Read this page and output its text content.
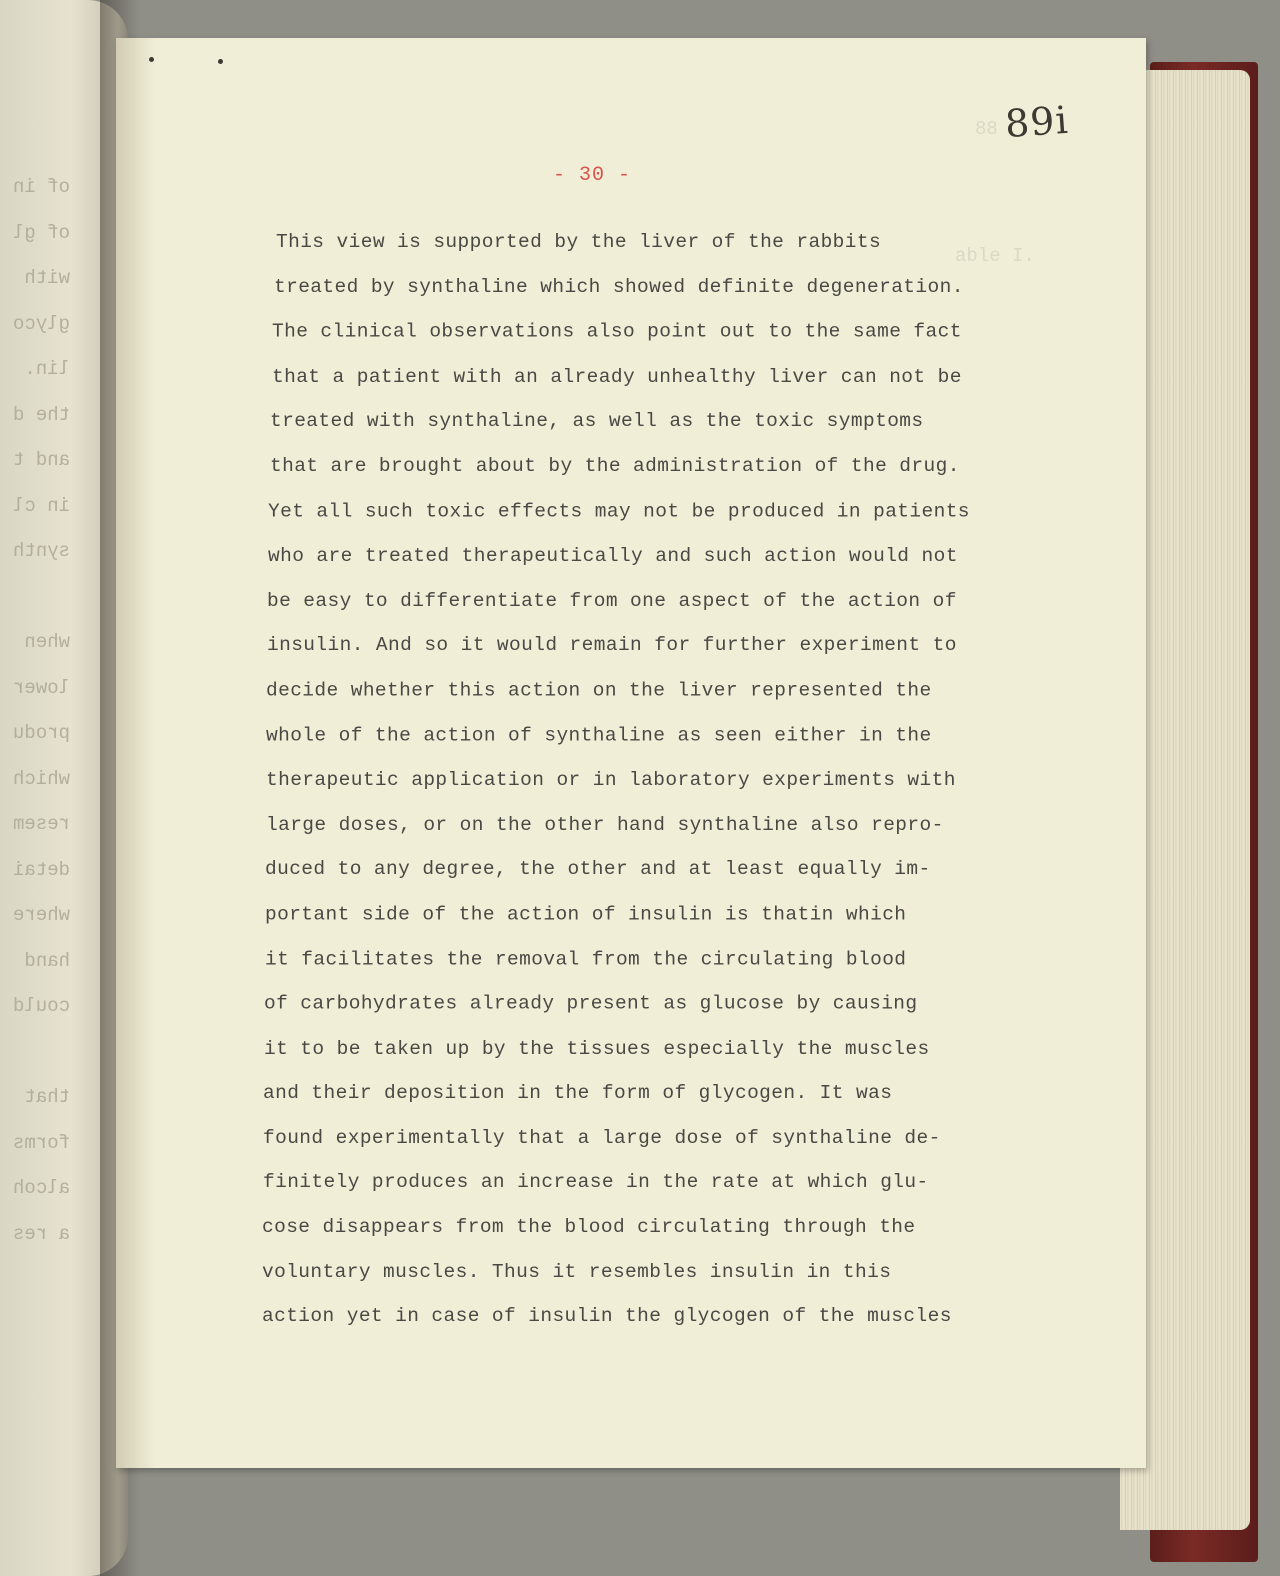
of in
of gl
with
glyco
lin.
the d
and t
in cl
synth
when
lower
produ
which
resem
detai
where
hand
could
that
forms
alcoh
a res
able I.
88 89i
- 30 -
This view is supported by the liver of the rabbits
treated by synthaline which showed definite degeneration.
The clinical observations also point out to the same fact
that a patient with an already unhealthy liver can not be
treated with synthaline, as well as the toxic symptoms
that are brought about by the administration of the drug.
Yet all such toxic effects may not be produced in patients
who are treated therapeutically and such action would not
be easy to differentiate from one aspect of the action of
insulin. And so it would remain for further experiment to
decide whether this action on the liver represented the
whole of the action of synthaline as seen either in the
therapeutic application or in laboratory experiments with
large doses, or on the other hand synthaline also repro-
duced to any degree, the other and at least equally im-
portant side of the action of insulin is thatin which
it facilitates the removal from the circulating blood
of carbohydrates already present as glucose by causing
it to be taken up by the tissues especially the muscles
and their deposition in the form of glycogen. It was
found experimentally that a large dose of synthaline de-
finitely produces an increase in the rate at which glu-
cose disappears from the blood circulating through the
voluntary muscles. Thus it resembles insulin in this
action yet in case of insulin the glycogen of the muscles
